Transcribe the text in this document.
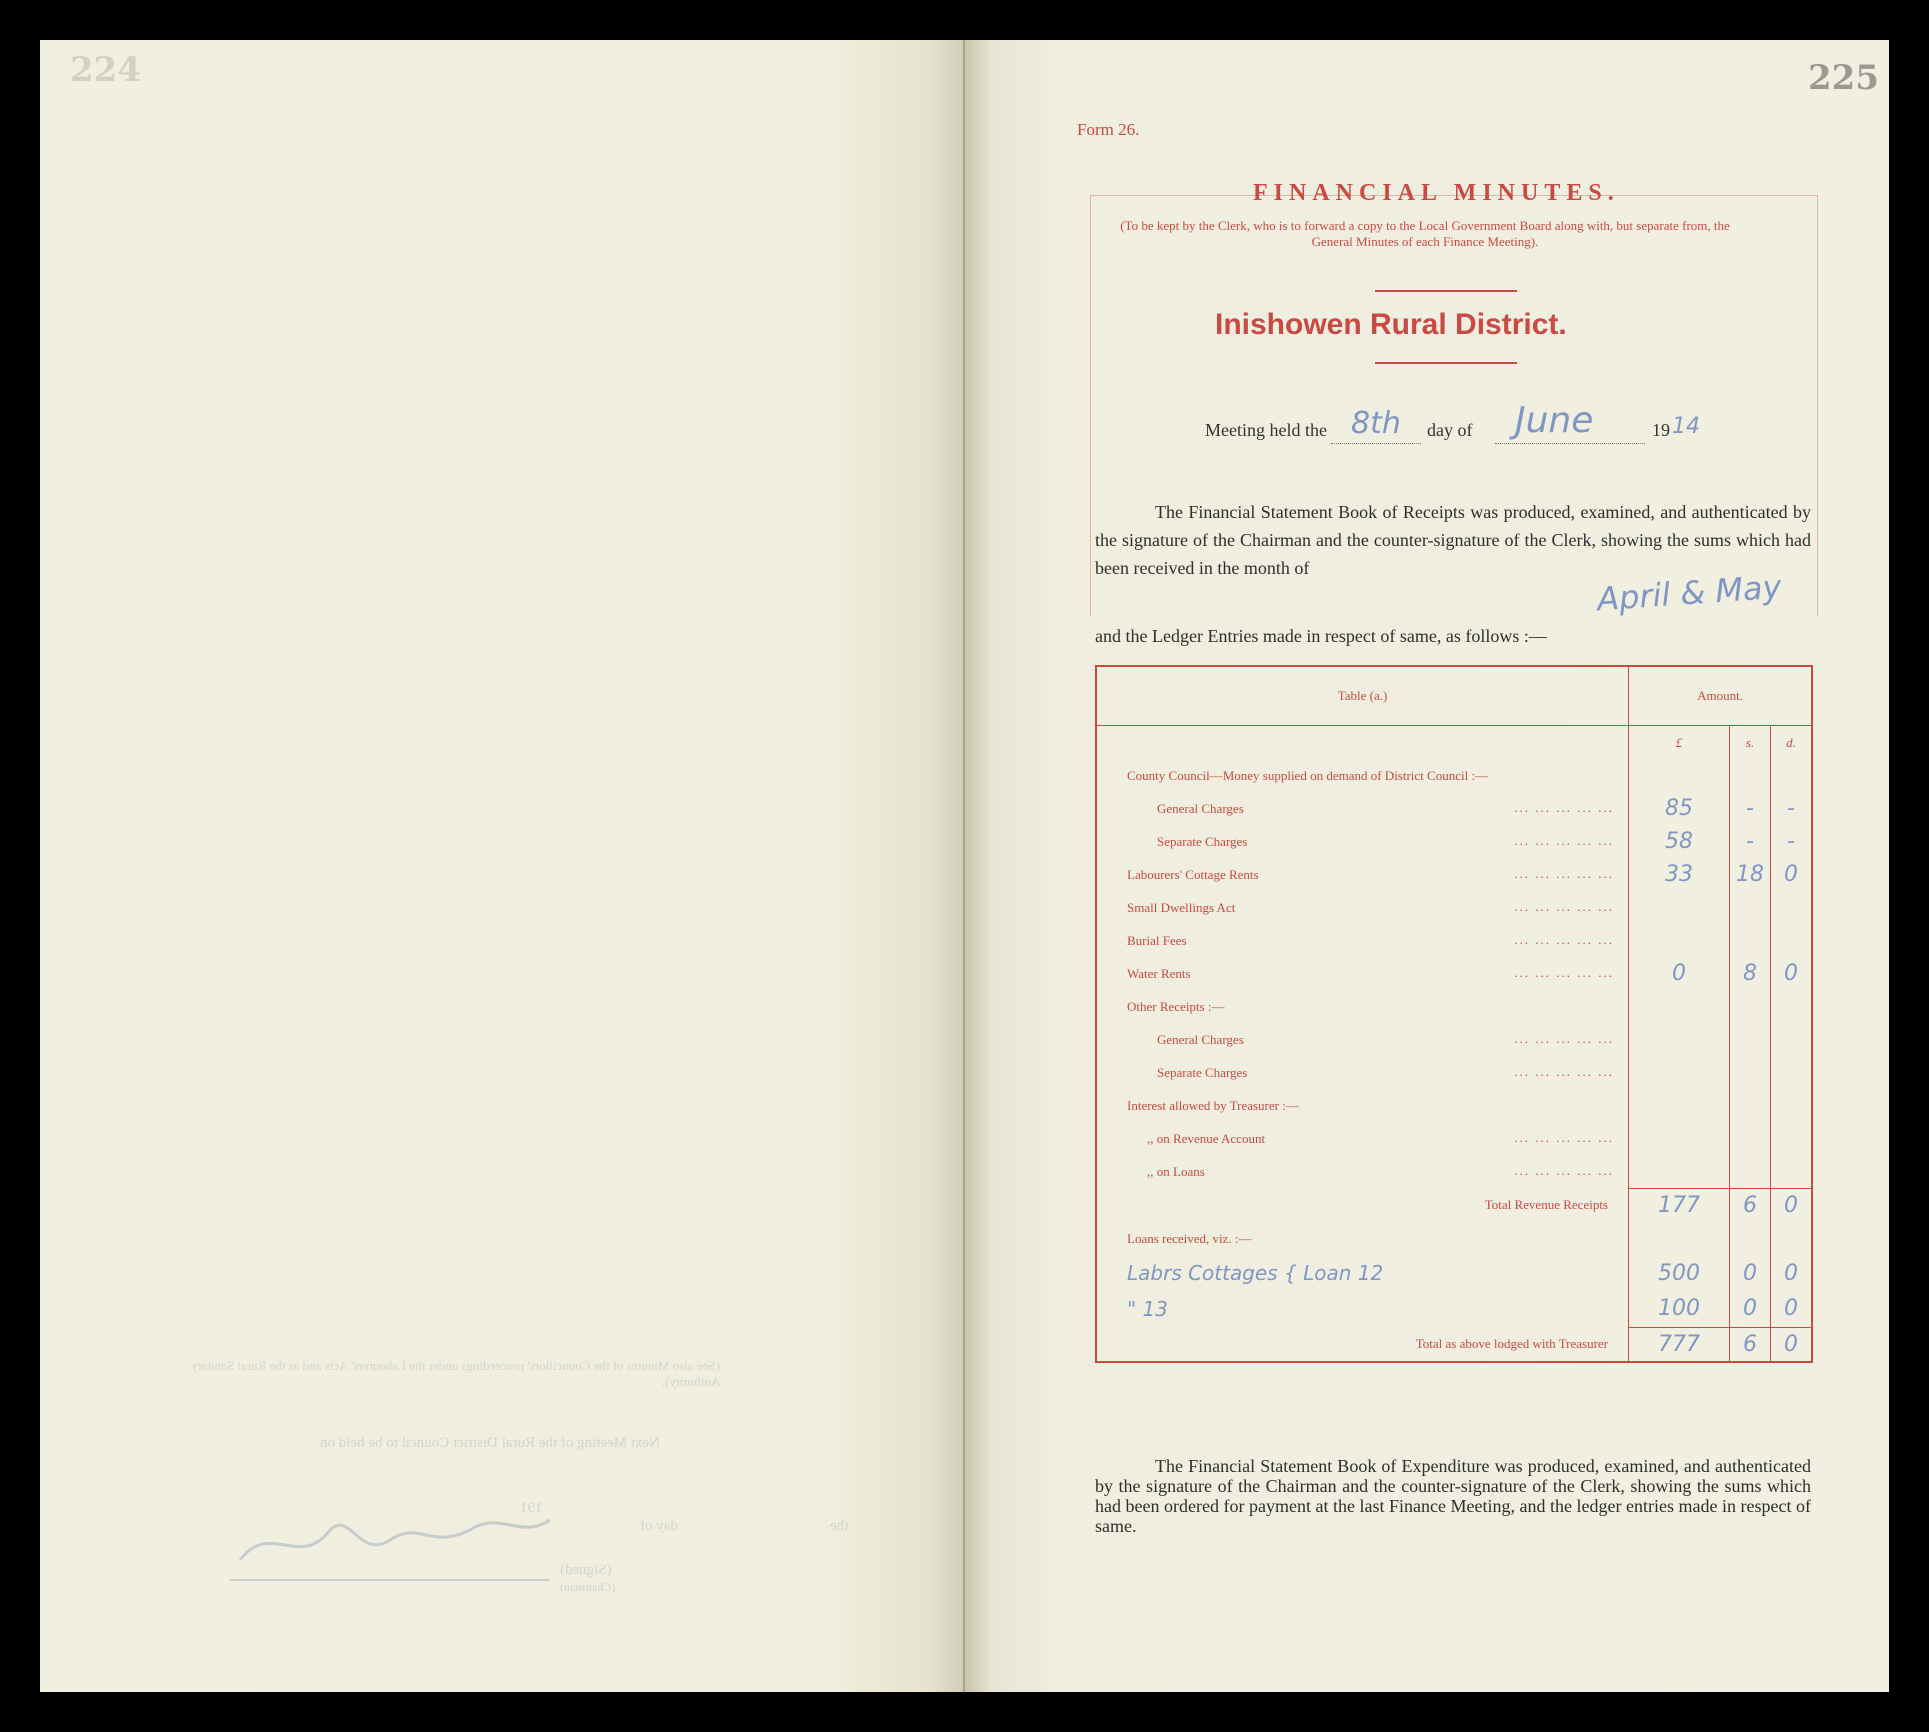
224
(See also Minutes of the Councillors' proceedings under the Labourers' Acts and as the Rural Sanitary Authority).
Next Meeting of the Rural District Council to be held on
the
day of
191
(Signed)
(Chairman)
225
Form 26.
FINANCIAL MINUTES.
(To be kept by the Clerk, who is to forward a copy to the Local Government Board along with, but separate from, the General Minutes of each Finance Meeting).
Inishowen Rural District.
Meeting held the 8th day of June	19 14
The Financial Statement Book of Receipts was produced, examined, and authenticated by the signature of the Chairman and the counter-signature of the Clerk, showing the sums which had been received in the month of	April & May
and the Ledger Entries made in respect of same, as follows :—
Table (a.)	Amount.		
	£	s.	d.
County Council—Money supplied on demand of District Council :—			
General Charges ... ... ... ... ...	85	-	-
Separate Charges ... ... ... ... ...	58	-	-
Labourers' Cottage Rents ... ... ... ... ...	33	18	0
Small Dwellings Act ... ... ... ... ...			

Burial Fees ... ... ... ... ...			

Water Rents ... ... ... ... ...	0	8	0
Other Receipts :—			
General Charges ... ... ... ... ...			

Separate Charges ... ... ... ... ...			

Interest allowed by Treasurer :—			
,, on Revenue Account ... ... ... ... ...			

,, on Loans ... ... ... ... ...			

Total Revenue Receipts	177	6	0
Loans received, viz. :—			
Labrs Cottages { Loan 12	500	0	0
" 13	100	0	0
Total as above lodged with Treasurer	777	6	0
The Financial Statement Book of Expenditure was produced, examined, and authenticated by the signature of the Chairman and the counter-signature of the Clerk, showing the sums which had been ordered for payment at the last Finance Meeting, and the ledger entries made in respect of same.
